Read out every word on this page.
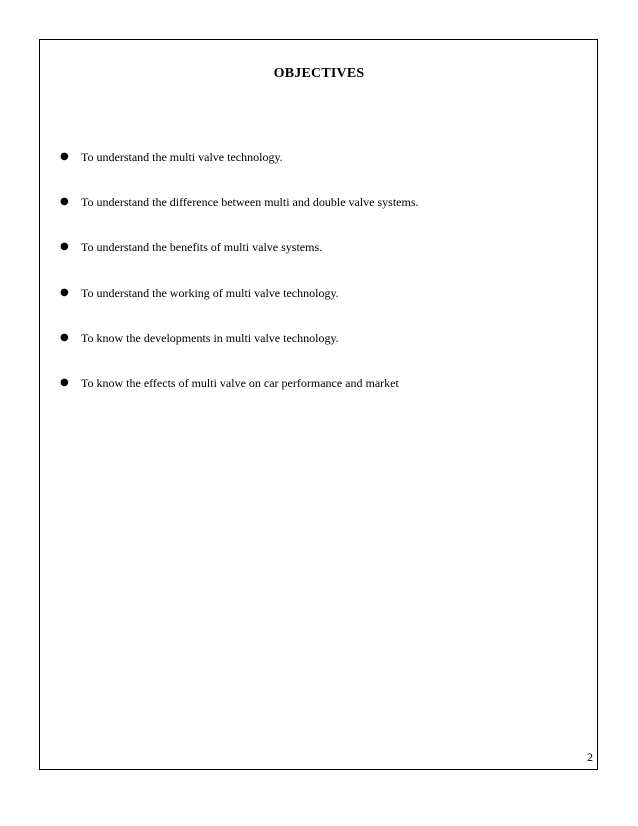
OBJECTIVES
● To understand the multi valve technology.
● To understand the difference between multi and double valve systems.
● To understand the benefits of multi valve systems.
● To understand the working of multi valve technology.
● To know the developments in multi valve technology.
● To know the effects of multi valve on car performance and market
2
